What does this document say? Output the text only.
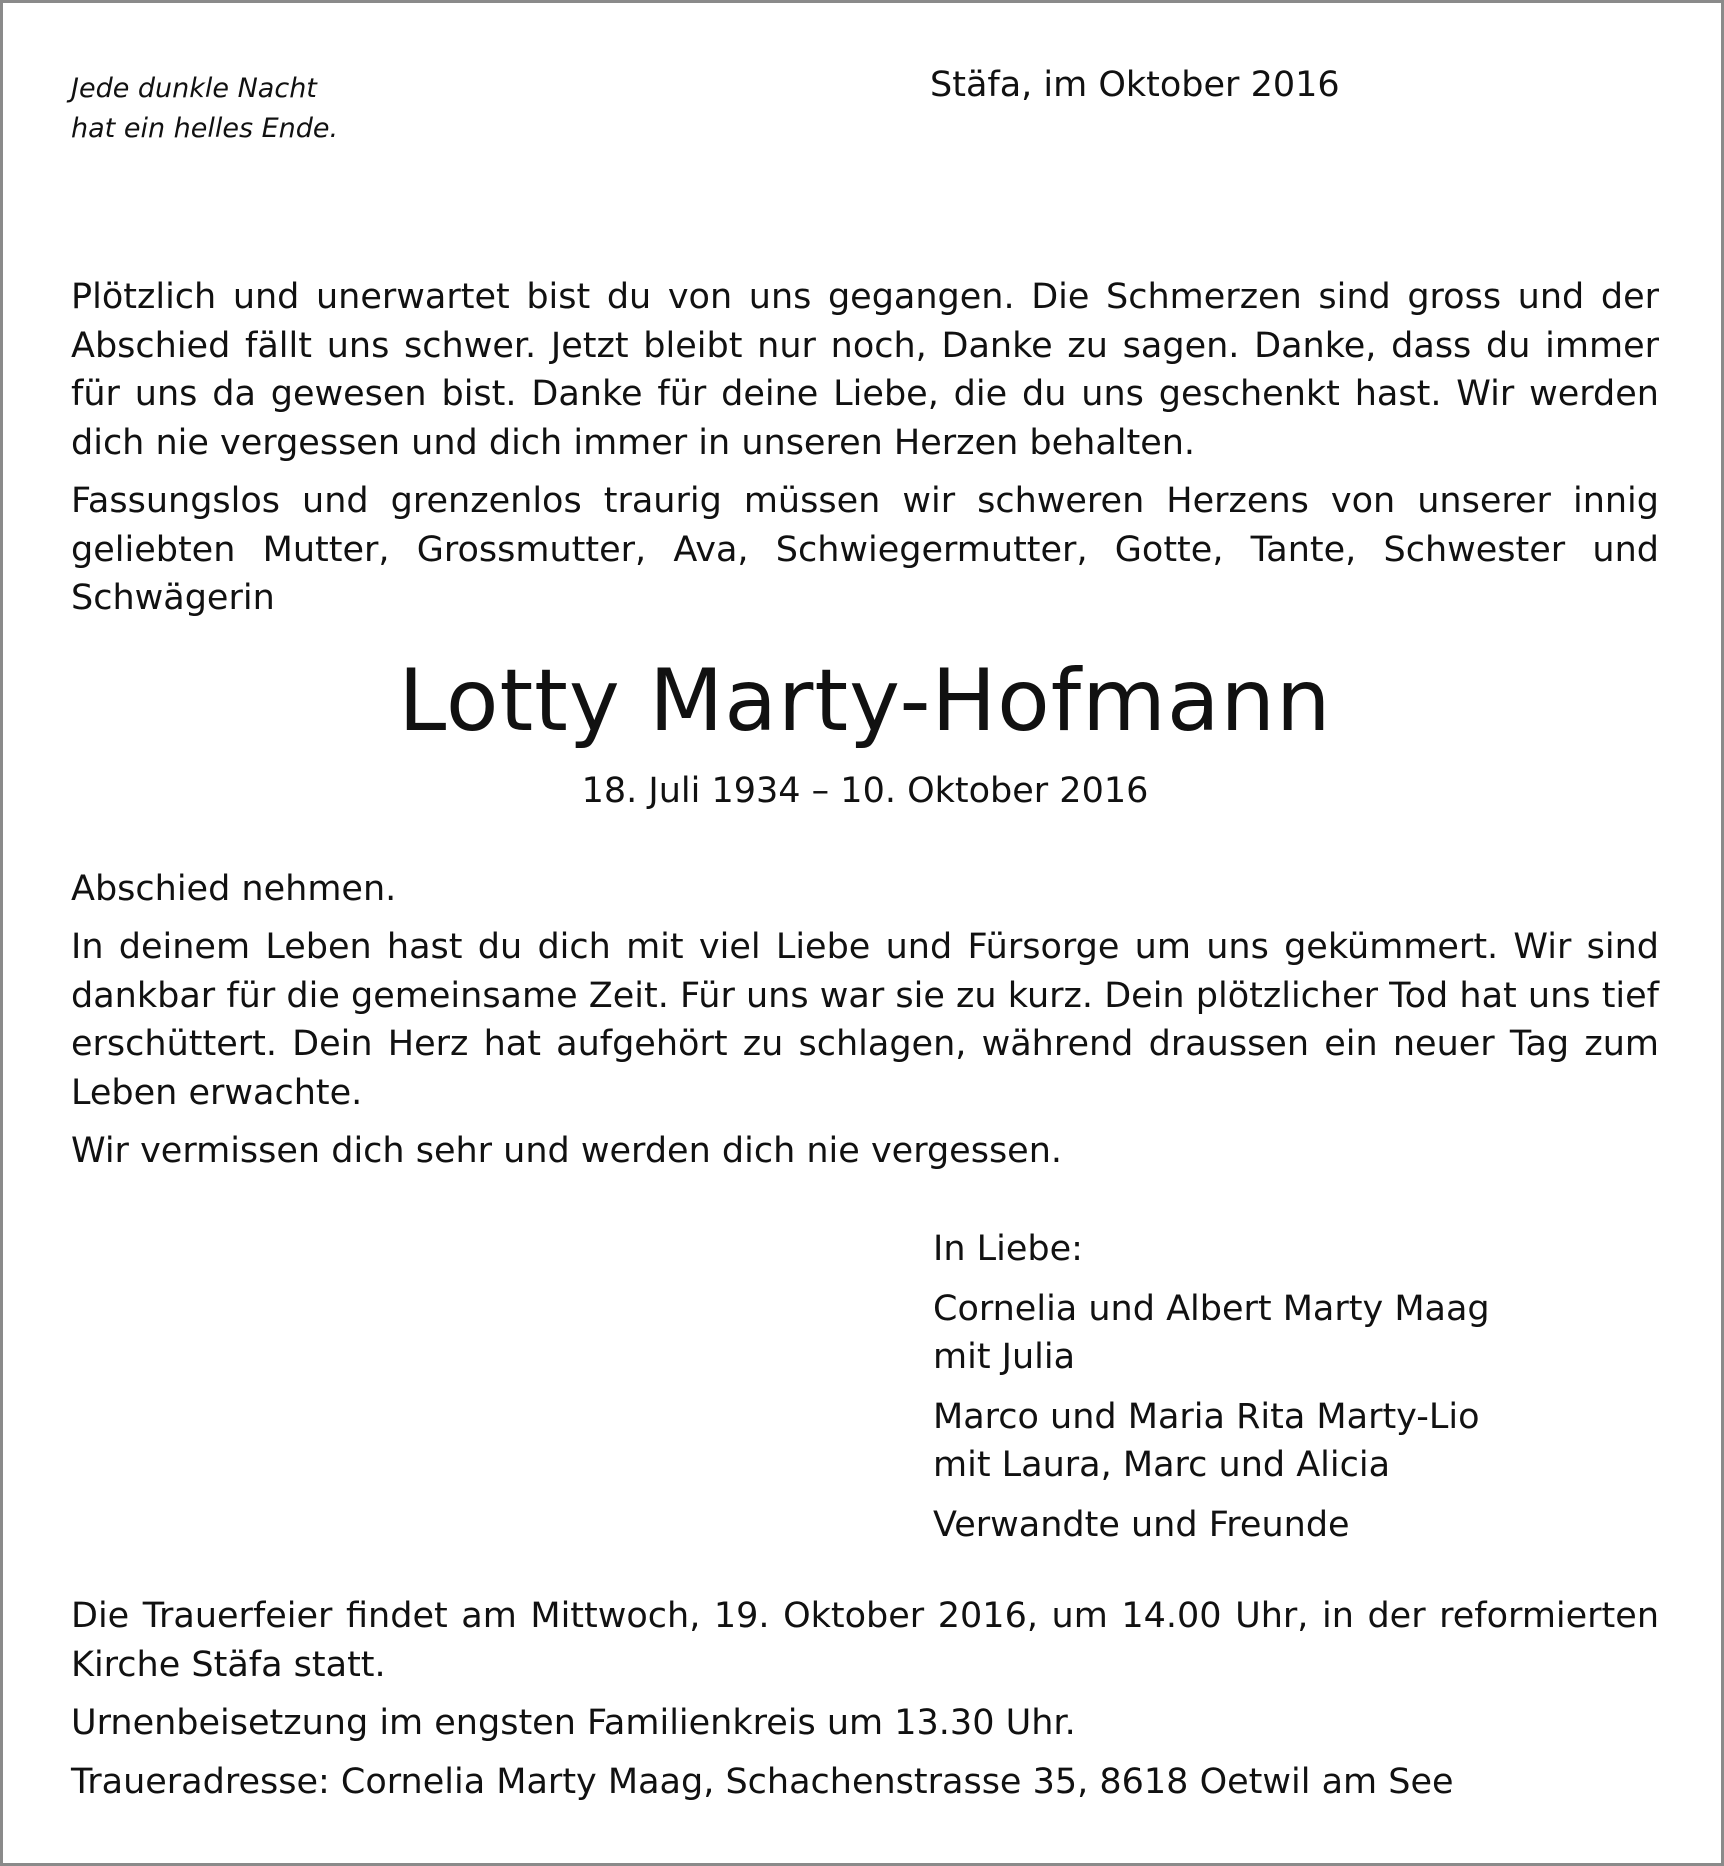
Jede dunkle Nacht
hat ein helles Ende.

Stäfa, im Oktober 2016

Plötzlich und unerwartet bist du von uns gegangen. Die Schmerzen sind gross und der Abschied fällt uns schwer. Jetzt bleibt nur noch, Danke zu sagen. Danke, dass du immer für uns da gewesen bist. Danke für deine Liebe, die du uns geschenkt hast. Wir werden dich nie vergessen und dich immer in unseren Herzen behalten.

Fassungslos und grenzenlos traurig müssen wir schweren Herzens von unserer innig geliebten Mutter, Grossmutter, Ava, Schwiegermutter, Gotte, Tante, Schwester und Schwägerin

Lotty Marty-Hofmann

18. Juli 1934 – 10. Oktober 2016

Abschied nehmen.

In deinem Leben hast du dich mit viel Liebe und Fürsorge um uns gekümmert. Wir sind dankbar für die gemeinsame Zeit. Für uns war sie zu kurz. Dein plötzlicher Tod hat uns tief erschüttert. Dein Herz hat aufgehört zu schlagen, während draussen ein neuer Tag zum Leben erwachte.

Wir vermissen dich sehr und werden dich nie vergessen.

In Liebe:
Cornelia und Albert Marty Maag
mit Julia
Marco und Maria Rita Marty-Lio
mit Laura, Marc und Alicia
Verwandte und Freunde

Die Trauerfeier findet am Mittwoch, 19. Oktober 2016, um 14.00 Uhr, in der reformierten Kirche Stäfa statt.

Urnenbeisetzung im engsten Familienkreis um 13.30 Uhr.

Traueradresse: Cornelia Marty Maag, Schachenstrasse 35, 8618 Oetwil am See
